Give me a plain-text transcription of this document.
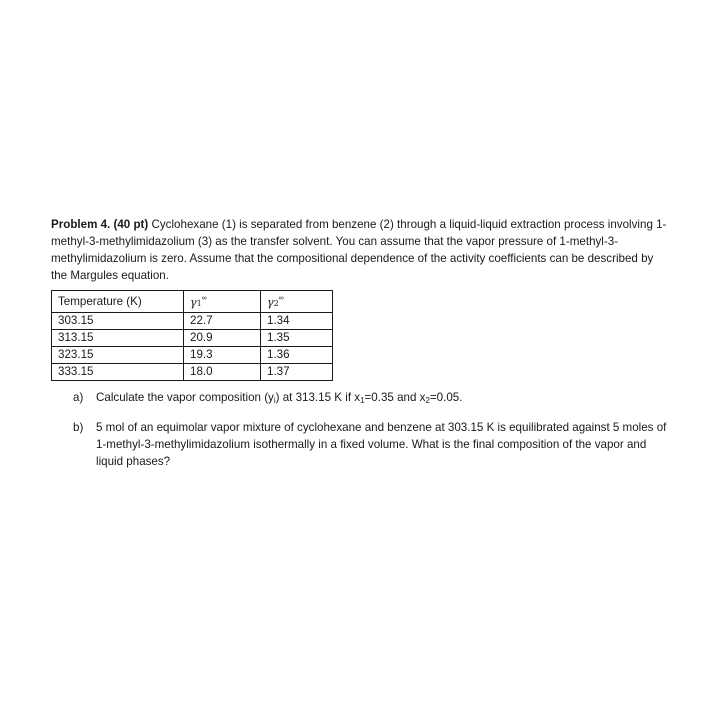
Problem 4. (40 pt) Cyclohexane (1) is separated from benzene (2) through a liquid-liquid extraction process involving 1-methyl-3-methylimidazolium (3) as the transfer solvent. You can assume that the vapor pressure of 1-methyl-3-methylimidazolium is zero. Assume that the compositional dependence of the activity coefficients can be described by the Margules equation.

Temperature (K)	γ1∞	γ2∞
303.15	22.7	1.34
313.15	20.9	1.35
323.15	19.3	1.36
333.15	18.0	1.37
a) Calculate the vapor composition $(y_i)$ at 313.15 K if $x_1=0.35$ and $x_2=0.05$.
b) 5 mol of an equimolar vapor mixture of cyclohexane and benzene at 303.15 K is equilibrated against 5 moles of 1-methyl-3-methylimidazolium isothermally in a fixed volume. What is the final composition of the vapor and liquid phases?
